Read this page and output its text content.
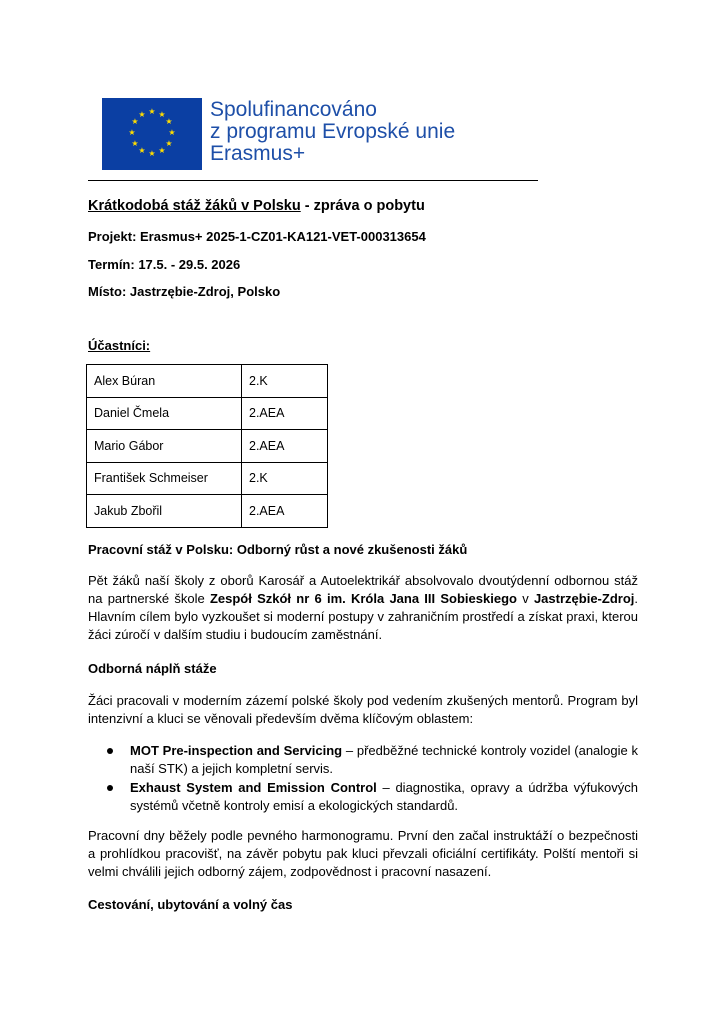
★ ★
★
★
★
★
★
★
★
★
★
★	Spolufinancováno
z programu Evropské unie
Erasmus+
Krátkodobá stáž žáků v Polsku - zpráva o pobytu
Projekt: Erasmus+ 2025-1-CZ01-KA121-VET-000313654
Termín: 17.5. - 29.5. 2026
Místo: Jastrzębie-Zdroj, Polsko
Účastníci:
Alex Búran	2.K
Daniel Čmela	2.AEA
Mario Gábor	2.AEA
František Schmeiser	2.K
Jakub Zbořil	2.AEA
Pracovní stáž v Polsku: Odborný růst a nové zkušenosti žáků
Pět žáků naší školy z oborů Karosář a Autoelektrikář absolvovalo dvoutýdenní odbornou stáž na partnerské škole Zespół Szkół nr 6 im. Króla Jana III Sobieskiego v Jastrzębie-Zdroj. Hlavním cílem bylo vyzkoušet si moderní postupy v zahraničním prostředí a získat praxi, kterou žáci zúročí v dalším studiu i budoucím zaměstnání.
Odborná náplň stáže
Žáci pracovali v moderním zázemí polské školy pod vedením zkušených mentorů. Program byl intenzivní a kluci se věnovali především dvěma klíčovým oblastem:
MOT Pre-inspection and Servicing – předběžné technické kontroly vozidel (analogie k naší STK) a jejich kompletní servis.
Exhaust System and Emission Control – diagnostika, opravy a údržba výfukových systémů včetně kontroly emisí a ekologických standardů.
Pracovní dny běžely podle pevného harmonogramu. První den začal instruktáží o bezpečnosti a prohlídkou pracovišť, na závěr pobytu pak kluci převzali oficiální certifikáty. Polští mentoři si velmi chválili jejich odborný zájem, zodpovědnost i pracovní nasazení.
Cestování, ubytování a volný čas
